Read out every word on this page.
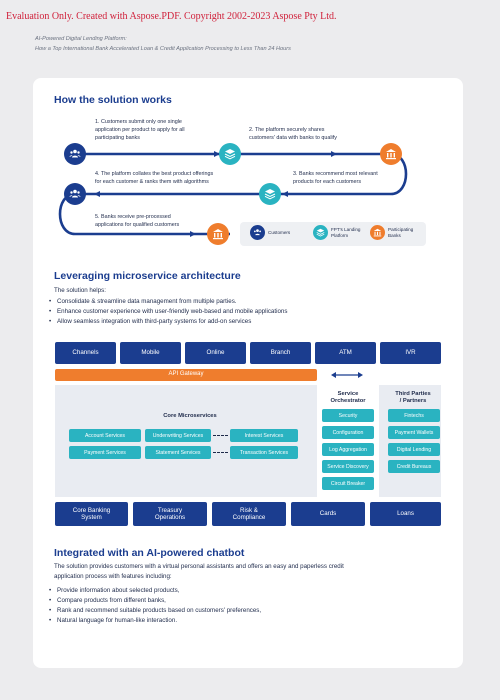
Evaluation Only. Created with Aspose.PDF. Copyright 2002-2023 Aspose Pty Ltd.
AI-Powered Digital Lending Platform:
How a Top International Bank Accelerated Loan & Credit Application Processing to Less Than 24 Hours
How the solution works
1. Customers submit only one single
application per product to apply for all
participating banks
2. The platform securely shares
customers' data with banks to qualify
3. Banks recommend most relevant
products for each customers
4. The platform collates the best product offerings
for each customer & ranks them with algorithms
5. Banks receive pre-processed
applications for qualified customers
Customers
FPT's Landing
Platform
Participating
Banks
Leveraging microservice architecture
The solution helps:
• Consolidate & streamline data management from multiple parties.
• Enhance customer experience with user-friendly web-based and mobile applications
• Allow seamless integration with third-party systems for add-on services
Channels	Mobile	Online	Branch	ATM	IVR
API Gateway
Core Microservices
Account Services
Payment Services
Underwriting Services
Statement Services
Interest Services
Transaction Services
Service
Orchestrator
Security
Configuration
Log Aggregation
Service Discovery
Circuit Breaker
Third Parties
/ Partners
Fintechs
Payment Wallets
Digital Lending
Credit Bureaus
Core Banking
System
Treasury
Operations
Risk &
Compliance
Cards	Loans
Integrated with an AI-powered chatbot
The solution provides customers with a virtual personal assistants and offers an easy and paperless credit
application process with features including:
• Provide information about selected products,
• Compare products from different banks,
• Rank and recommend suitable products based on customers' preferences,
• Natural language for human-like interaction.
